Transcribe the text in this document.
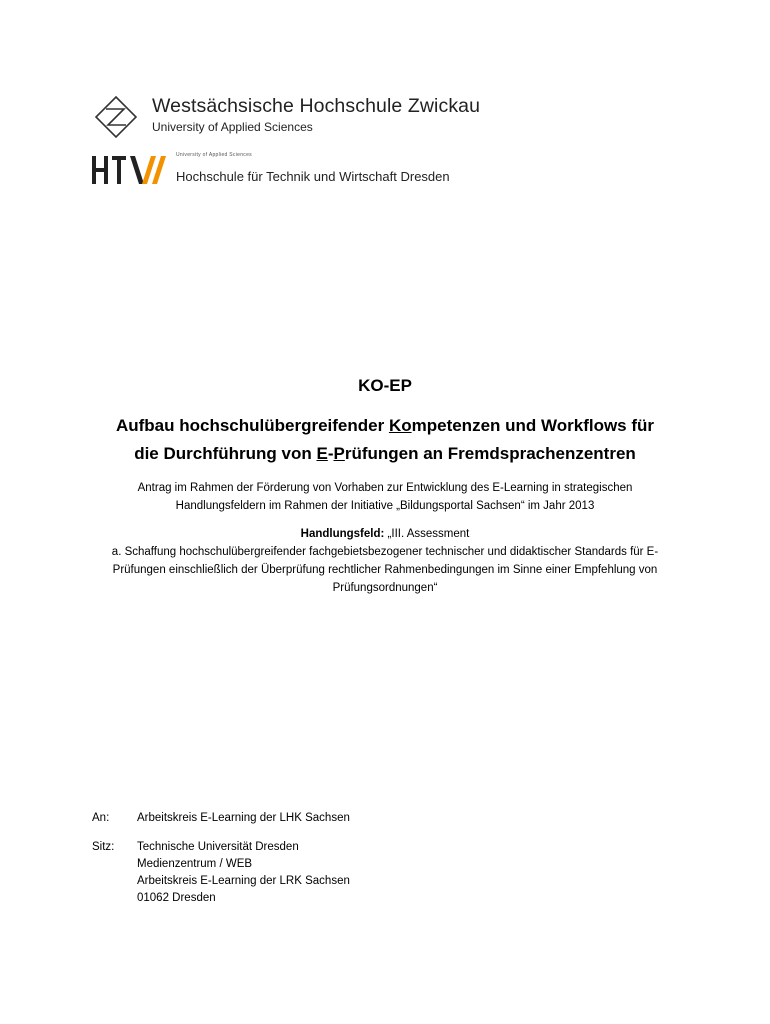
Westsächsische Hochschule Zwickau
University of Applied Sciences
University of Applied Sciences
Hochschule für Technik und Wirtschaft Dresden
KO-EP
Aufbau hochschulübergreifender Kompetenzen und Workflows für
die Durchführung von E-Prüfungen an Fremdsprachenzentren
Antrag im Rahmen der Förderung von Vorhaben zur Entwicklung des E-Learning in strategischen
Handlungsfeldern im Rahmen der Initiative „Bildungsportal Sachsen“ im Jahr 2013
Handlungsfeld: „III. Assessment
a. Schaffung hochschulübergreifender fachgebietsbezogener technischer und didaktischer Standards für E-
Prüfungen einschließlich der Überprüfung rechtlicher Rahmenbedingungen im Sinne einer Empfehlung von
Prüfungsordnungen“
An:	Arbeitskreis E-Learning der LHK Sachsen
Sitz:	Technische Universität Dresden
Medienzentrum / WEB
Arbeitskreis E-Learning der LRK Sachsen
01062 Dresden
